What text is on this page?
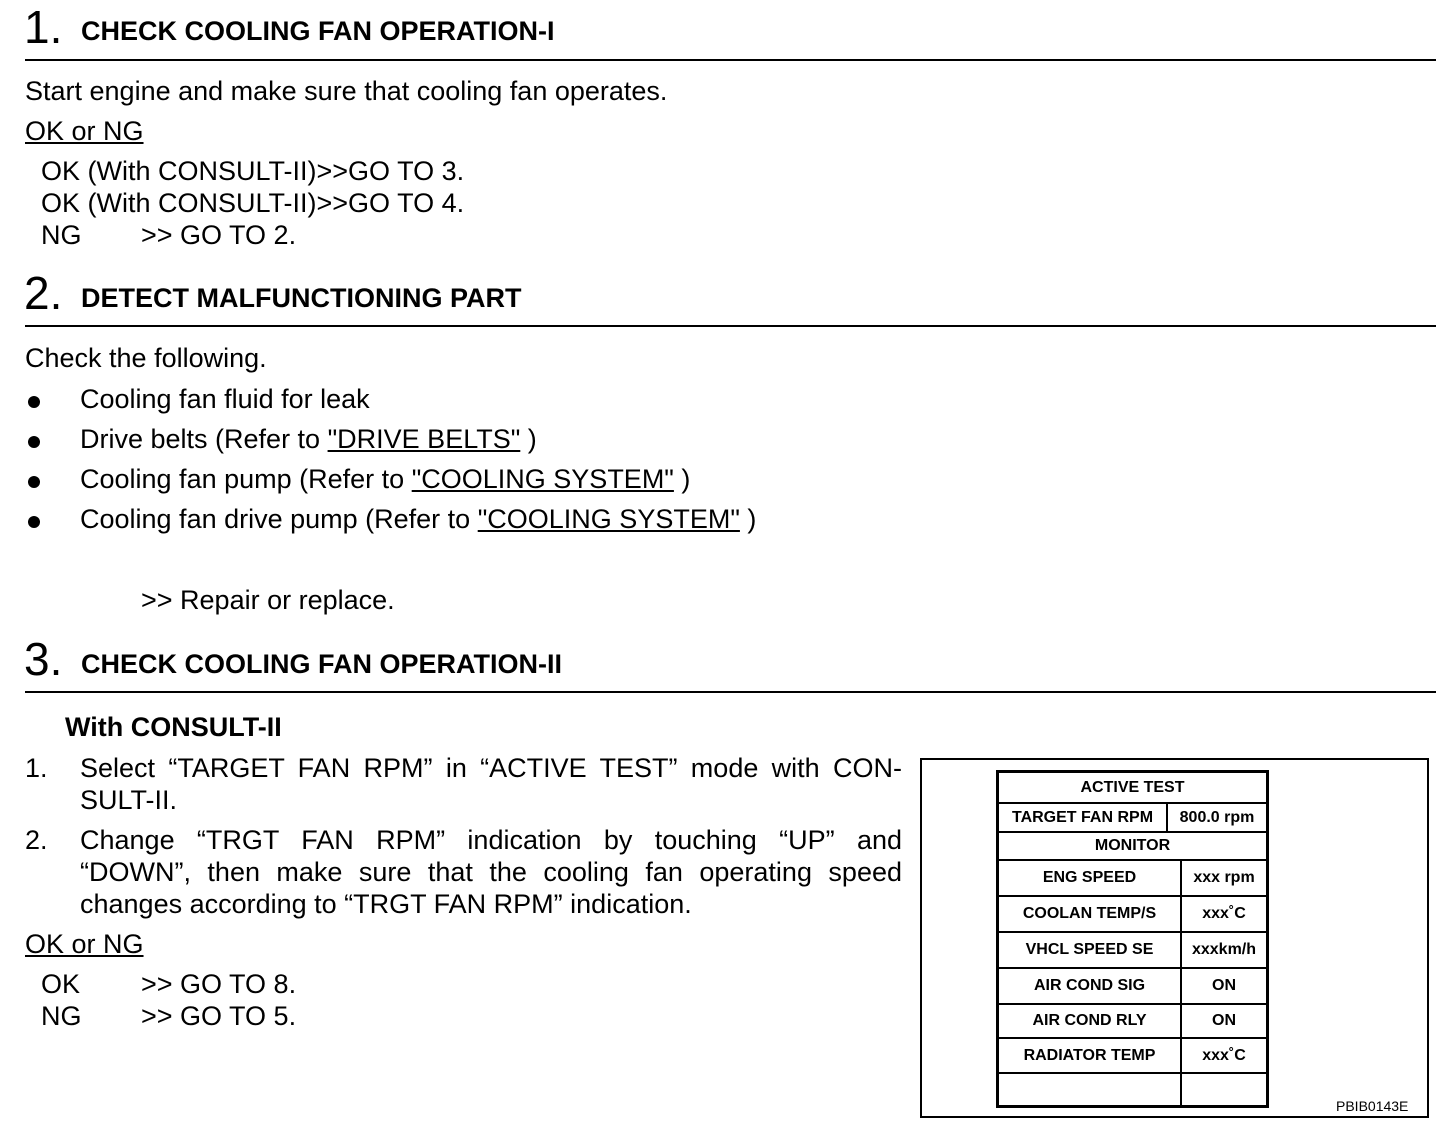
1. CHECK COOLING FAN OPERATION-I
Start engine and make sure that cooling fan operates.
OK or NG
OK (With CONSULT-II)>>GO TO 3.
OK (With CONSULT-II)>>GO TO 4.
NG >> GO TO 2.
2. DETECT MALFUNCTIONING PART
Check the following.
Cooling fan fluid for leak
Drive belts (Refer to "DRIVE BELTS" )
Cooling fan pump (Refer to "COOLING SYSTEM" )
Cooling fan drive pump (Refer to "COOLING SYSTEM" )
>> Repair or replace.
3. CHECK COOLING FAN OPERATION-II
With CONSULT-II
1. Select “TARGET FAN RPM” in “ACTIVE TEST” mode with CON-
SULT-II.
2. Change “TRGT FAN RPM” indication by touching “UP” and
“DOWN”, then make sure that the cooling fan operating speed
changes according to “TRGT FAN RPM” indication.
OK or NG
OK >> GO TO 8.
NG >> GO TO 5.
ACTIVE TEST
TARGET FAN RPM	800.0 rpm
MONITOR
ENG SPEED	xxx rpm
COOLAN TEMP/S	xxx˚C
VHCL SPEED SE	xxxkm/h
AIR COND SIG	ON
AIR COND RLY	ON
RADIATOR TEMP	xxx˚C
PBIB0143E
